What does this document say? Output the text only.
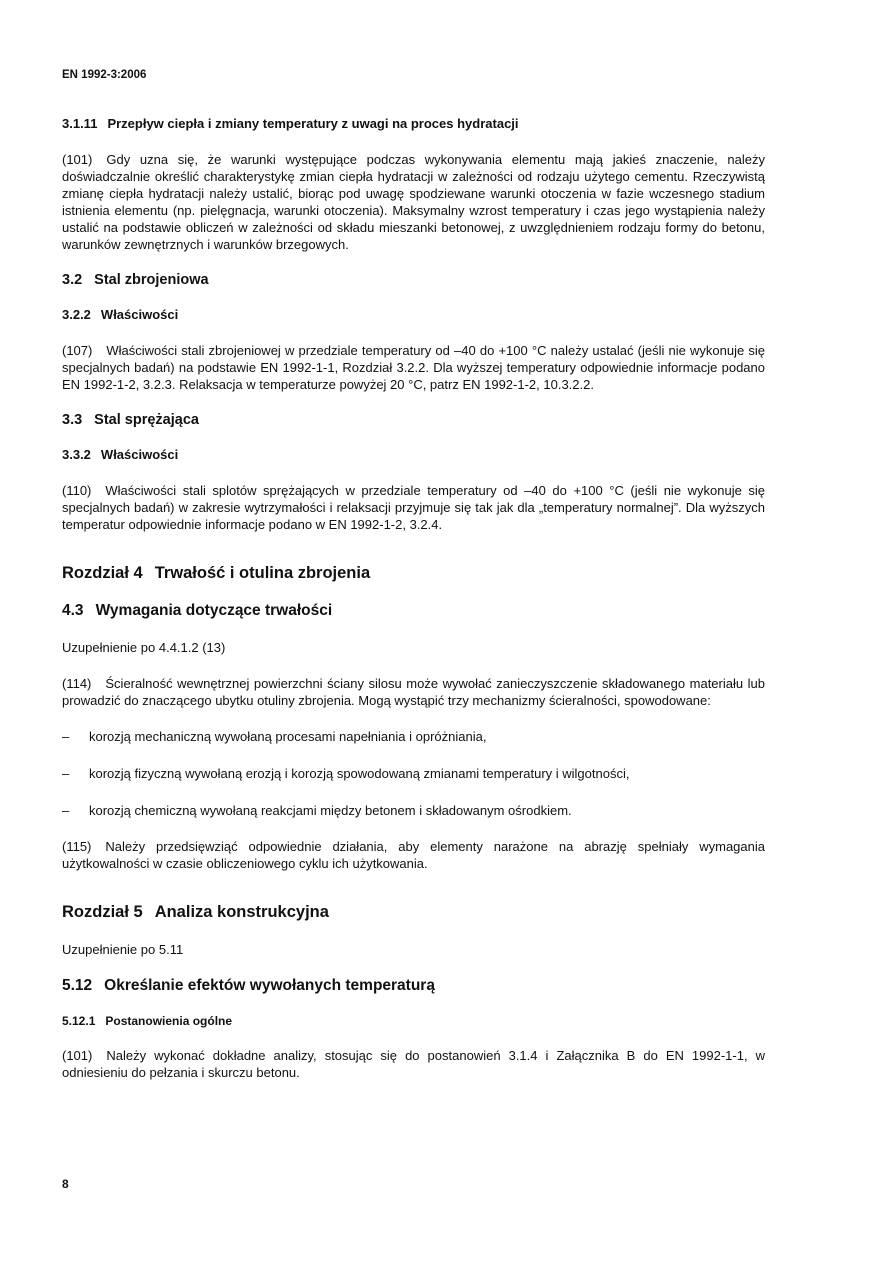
EN 1992-3:2006

3.1.11 Przepływ ciepła i zmiany temperatury z uwagi na proces hydratacji

(101) Gdy uzna się, że warunki występujące podczas wykonywania elementu mają jakieś znaczenie, należy doświadczalnie określić charakterystykę zmian ciepła hydratacji w zależności od rodzaju użytego cementu. Rzeczywistą zmianę ciepła hydratacji należy ustalić, biorąc pod uwagę spodziewane warunki otoczenia w fazie wczesnego stadium istnienia elementu (np. pielęgnacja, warunki otoczenia). Maksymalny wzrost temperatury i czas jego wystąpienia należy ustalić na podstawie obliczeń w zależności od składu mieszanki betonowej, z uwzględnieniem rodzaju formy do betonu, warunków zewnętrznych i warunków brzegowych.

3.2 Stal zbrojeniowa
3.2.2 Właściwości

(107) Właściwości stali zbrojeniowej w przedziale temperatury od –40 do +100 °C należy ustalać (jeśli nie wykonuje się specjalnych badań) na podstawie EN 1992-1-1, Rozdział 3.2.2. Dla wyższej temperatury odpowiednie informacje podano EN 1992-1-2, 3.2.3. Relaksacja w temperaturze powyżej 20 °C, patrz EN 1992-1-2, 10.3.2.2.

3.3 Stal sprężająca
3.3.2 Właściwości

(110) Właściwości stali splotów sprężających w przedziale temperatury od –40 do +100 °C (jeśli nie wykonuje się specjalnych badań) w zakresie wytrzymałości i relaksacji przyjmuje się tak jak dla „temperatury normalnej”. Dla wyższych temperatur odpowiednie informacje podano w EN 1992-1-2, 3.2.4.

Rozdział 4 Trwałość i otulina zbrojenia
4.3 Wymagania dotyczące trwałości

Uzupełnienie po 4.4.1.2 (13)

(114) Ścieralność wewnętrznej powierzchni ściany silosu może wywołać zanieczyszczenie składowanego materiału lub prowadzić do znaczącego ubytku otuliny zbrojenia. Mogą wystąpić trzy mechanizmy ścieralności, spowodowane:

– korozją mechaniczną wywołaną procesami napełniania i opróżniania,
– korozją fizyczną wywołaną erozją i korozją spowodowaną zmianami temperatury i wilgotności,
– korozją chemiczną wywołaną reakcjami między betonem i składowanym ośrodkiem.

(115) Należy przedsięwziąć odpowiednie działania, aby elementy narażone na abrazję spełniały wymagania użytkowalności w czasie obliczeniowego cyklu ich użytkowania.

Rozdział 5 Analiza konstrukcyjna

Uzupełnienie po 5.11

5.12 Określanie efektów wywołanych temperaturą
5.12.1 Postanowienia ogólne

(101) Należy wykonać dokładne analizy, stosując się do postanowień 3.1.4 i Załącznika B do EN 1992-1-1, w odniesieniu do pełzania i skurczu betonu.

8
